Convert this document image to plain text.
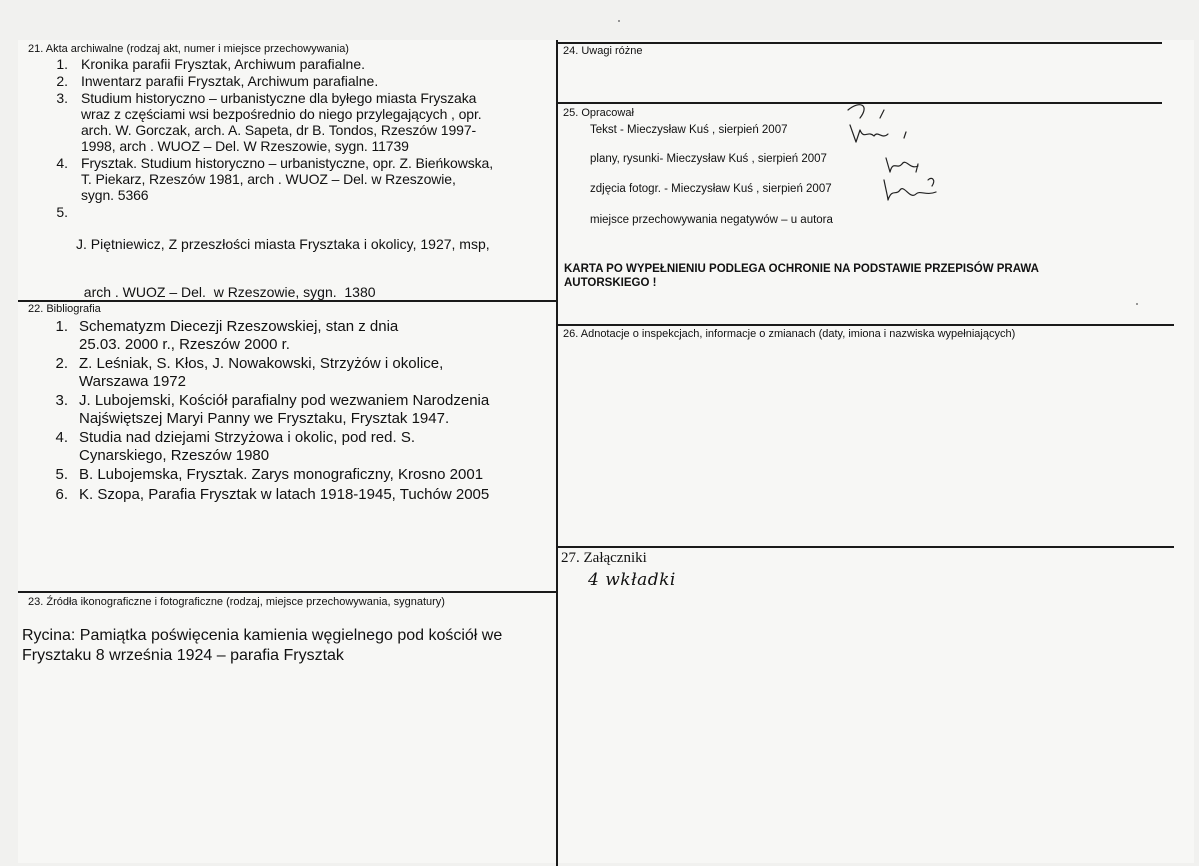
21. Akta archiwalne (rodzaj akt, numer i miejsce przechowywania)
1. Kronika parafii Frysztak, Archiwum parafialne.
2. Inwentarz parafii Frysztak, Archiwum parafialne.
3. Studium historyczno – urbanistyczne dla byłego miasta Fryszaka
wraz z częściami wsi bezpośrednio do niego przylegających , opr.
arch. W. Gorczak, arch. A. Sapeta, dr B. Tondos, Rzeszów 1997-
1998, arch . WUOZ – Del. W Rzeszowie, sygn. 11739
4. Frysztak. Studium historyczno – urbanistyczne, opr. Z. Bieńkowska,
T. Piekarz, Rzeszów 1981, arch . WUOZ – Del. w Rzeszowie,
sygn. 5366
5.

J. Piętniewicz, Z przeszłości miasta Frysztaka i okolicy, 1927, msp,

arch . WUOZ – Del.  w Rzeszowie, sygn.  1380

22. Bibliografia
1. Schematyzm Diecezji Rzeszowskiej, stan z dnia
25.03. 2000 r., Rzeszów 2000 r.
2. Z. Leśniak, S. Kłos, J. Nowakowski, Strzyżów i okolice,
Warszawa 1972
3. J. Lubojemski, Kościół parafialny pod wezwaniem Narodzenia
Najświętszej Maryi Panny we Frysztaku, Frysztak 1947.
4. Studia nad dziejami Strzyżowa i okolic, pod red. S.
Cynarskiego, Rzeszów 1980
5. B. Lubojemska, Frysztak. Zarys monograficzny, Krosno 2001
6. K. Szopa, Parafia Frysztak w latach 1918-1945, Tuchów 2005
23. Źródła ikonograficzne i fotograficzne (rodzaj, miejsce przechowywania, sygnatury)
Rycina: Pamiątka poświęcenia kamienia węgielnego pod kościół we
Frysztaku 8 września 1924 – parafia Frysztak
24. Uwagi różne
25. Opracował
Tekst - Mieczysław Kuś , sierpień 2007
plany, rysunki- Mieczysław Kuś , sierpień 2007
zdjęcia fotogr. - Mieczysław Kuś , sierpień 2007
miejsce przechowywania negatywów – u autora
KARTA PO WYPEŁNIENIU PODLEGA OCHRONIE NA PODSTAWIE PRZEPISÓW PRAWA
AUTORSKIEGO !
26. Adnotacje o inspekcjach, informacje o zmianach (daty, imiona i nazwiska wypełniających)
27. Załączniki
4 wkładki
